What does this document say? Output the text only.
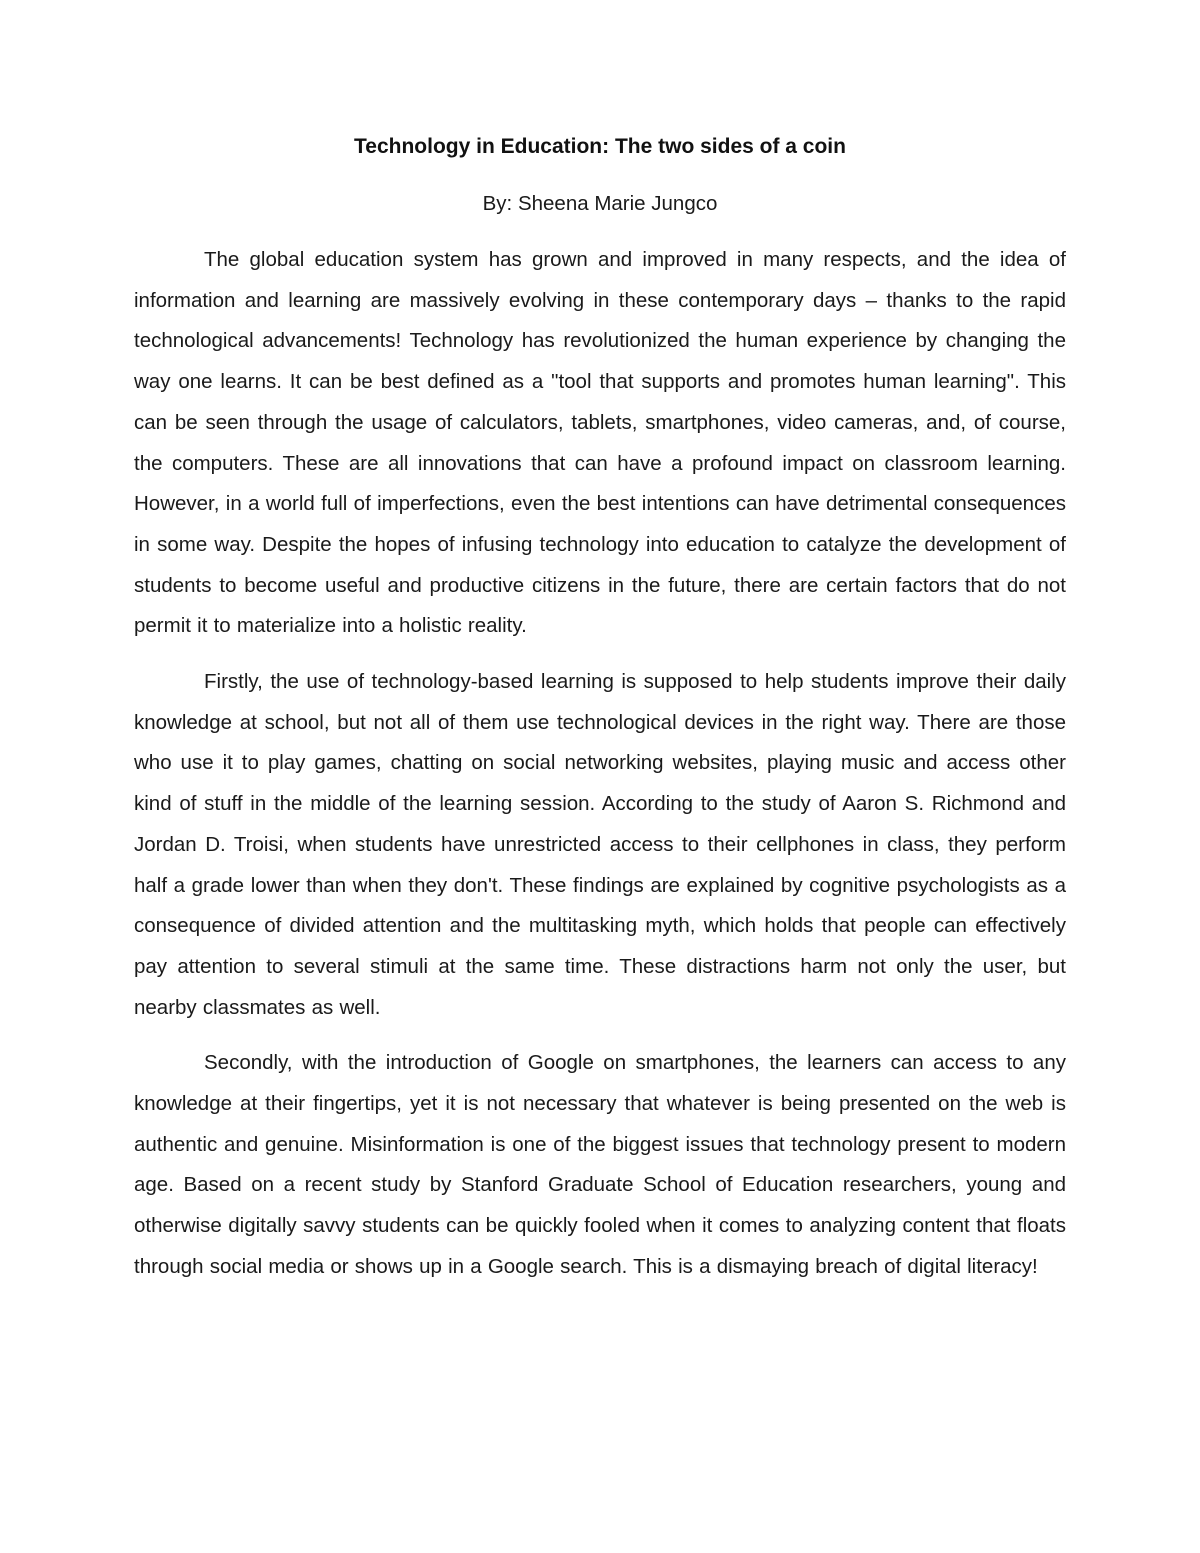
Technology in Education: The two sides of a coin

By: Sheena Marie Jungco

The global education system has grown and improved in many respects, and the idea of information and learning are massively evolving in these contemporary days – thanks to the rapid technological advancements! Technology has revolutionized the human experience by changing the way one learns. It can be best defined as a "tool that supports and promotes human learning". This can be seen through the usage of calculators, tablets, smartphones, video cameras, and, of course, the computers. These are all innovations that can have a profound impact on classroom learning. However, in a world full of imperfections, even the best intentions can have detrimental consequences in some way. Despite the hopes of infusing technology into education to catalyze the development of students to become useful and productive citizens in the future, there are certain factors that do not permit it to materialize into a holistic reality.

Firstly, the use of technology-based learning is supposed to help students improve their daily knowledge at school, but not all of them use technological devices in the right way. There are those who use it to play games, chatting on social networking websites, playing music and access other kind of stuff in the middle of the learning session. According to the study of Aaron S. Richmond and Jordan D. Troisi, when students have unrestricted access to their cellphones in class, they perform half a grade lower than when they don't. These findings are explained by cognitive psychologists as a consequence of divided attention and the multitasking myth, which holds that people can effectively pay attention to several stimuli at the same time. These distractions harm not only the user, but nearby classmates as well.

Secondly, with the introduction of Google on smartphones, the learners can access to any knowledge at their fingertips, yet it is not necessary that whatever is being presented on the web is authentic and genuine. Misinformation is one of the biggest issues that technology present to modern age. Based on a recent study by Stanford Graduate School of Education researchers, young and otherwise digitally savvy students can be quickly fooled when it comes to analyzing content that floats through social media or shows up in a Google search. This is a dismaying breach of digital literacy!
